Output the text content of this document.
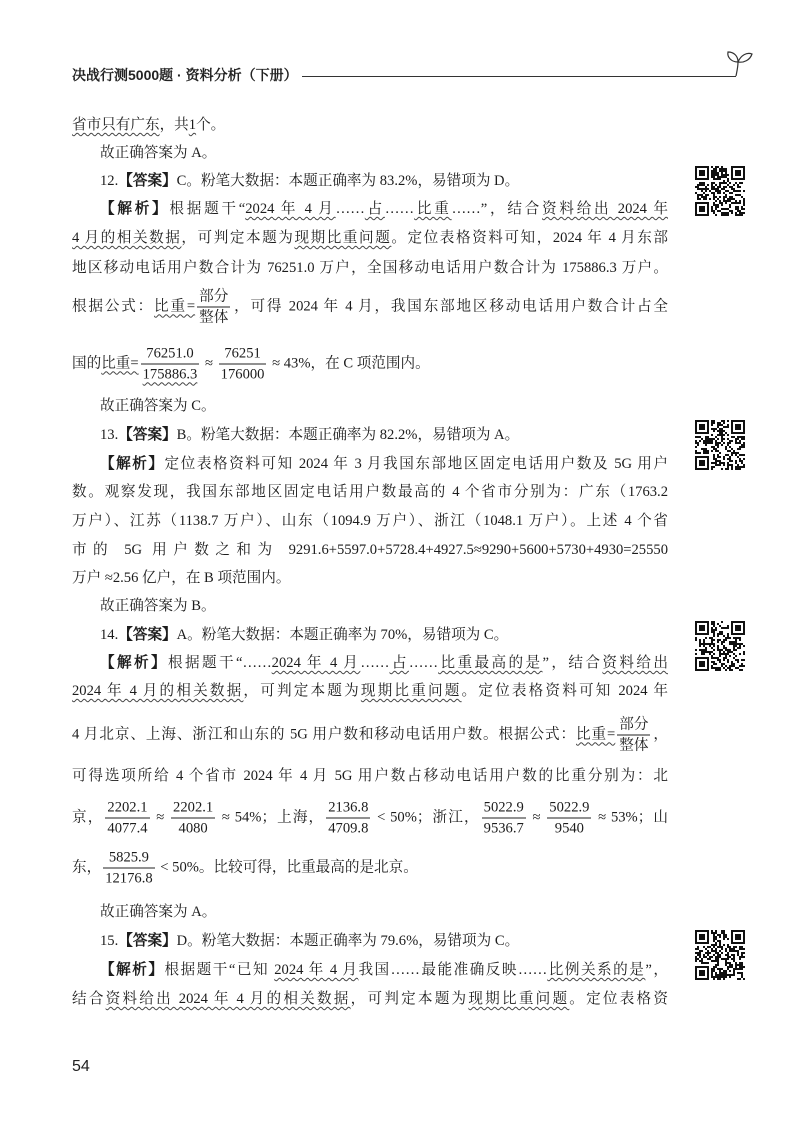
决战行测5000题 · 资料分析（下册）
省市只有广东，共1个。
故正确答案为 A。
12.【答案】C。粉笔大数据：本题正确率为 83.2%，易错项为 D。
【解析】根据题干“2024 年 4 月……占……比重……”，结合资料给出 2024 年
4 月的相关数据，可判定本题为现期比重问题。定位表格资料可知，2024 年 4 月东部
地区移动电话用户数合计为 76251.0 万户，全国移动电话用户数合计为 175886.3 万户。
根据公式：比重= $\frac{\text{部分}}{\text{整体}}$ ，可得 2024 年 4 月，我国东部地区移动电话用户数合计占全
国的比重= $\frac{76251.0}{175886.3} \approx \frac{76251}{176000} \approx 43\%$，在 C 项范围内。
故正确答案为 C。
13.【答案】B。粉笔大数据：本题正确率为 82.2%，易错项为 A。
【解析】定位表格资料可知 2024 年 3 月我国东部地区固定电话用户数及 5G 用户
数。观察发现，我国东部地区固定电话用户数最高的 4 个省市分别为：广东（1763.2
万户）、江苏（1138.7 万户）、山东（1094.9 万户）、浙江（1048.1 万户）。上述 4 个省
市的 5G 用户数之和为 9291.6+5597.0+5728.4+4927.5≈9290+5600+5730+4930=25550
万户 ≈2.56 亿户，在 B 项范围内。
故正确答案为 B。
14.【答案】A。粉笔大数据：本题正确率为 70%，易错项为 C。
【解析】根据题干“……2024 年 4 月……占……比重最高的是”，结合资料给出
2024 年 4 月的相关数据，可判定本题为现期比重问题。定位表格资料可知 2024 年
4 月北京、上海、浙江和山东的 5G 用户数和移动电话用户数。根据公式：比重= $\frac{\text{部分}}{\text{整体}}$ ，
可得选项所给 4 个省市 2024 年 4 月 5G 用户数占移动电话用户数的比重分别为：北
京， $\frac{2202.1}{4077.4} \approx \frac{2202.1}{4080} \approx 54\%$；上海， $\frac{2136.8}{4709.8} < 50\%$；浙江， $\frac{5022.9}{9536.7} \approx \frac{5022.9}{9540} \approx 53\%$；山
东， $\frac{5825.9}{12176.8} < 50\%$。比较可得，比重最高的是北京。
故正确答案为 A。
15.【答案】D。粉笔大数据：本题正确率为 79.6%，易错项为 C。
【解析】根据题干“已知 2024 年 4 月我国……最能准确反映……比例关系的是”，
结合资料给出 2024 年 4 月的相关数据，可判定本题为现期比重问题。定位表格资
54
